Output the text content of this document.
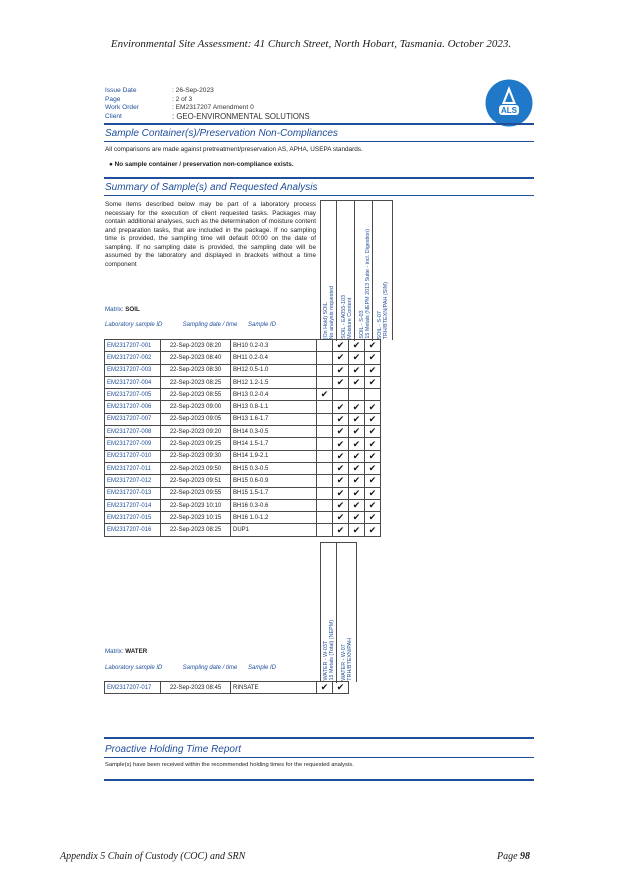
Environmental Site Assessment: 41 Church Street, North Hobart, Tasmania. October 2023.
Issue Date	: 26-Sep-2023
Page	: 2 of 3
Work Order	: EM2317207 Amendment 0
Client	: GEO-ENVIRONMENTAL SOLUTIONS
ALS
Sample Container(s)/Preservation Non-Compliances
All comparisons are made against pretreatment/preservation AS, APHA, USEPA standards.
● No sample container / preservation non-compliance exists.
Summary of Sample(s) and Requested Analysis
Some items described below may be part of a laboratory process necessary for the execution of client requested tasks. Packages may contain additional analyses, such as the determination of moisture content and preparation tasks, that are included in the package. If no sampling time is provided, the sampling time will default 00:00 on the date of sampling. If no sampling date is provided, the sampling date will be assumed by the laboratory and displayed in brackets without a time component
Matrix: SOIL
Laboratory sample ID	Sampling date / time	Sample ID
(On Hold) SOIL
No analysis requested
SOIL - EA055-103
Moisture Content
SOIL - S-03
15 Metals (NEPM 2013 Suite - incl. Digestion)
SOIL - S-07
TRH/BTEXN/PAH (SIM)
EM2317207-001	22-Sep-2023 08:20	BH10 0.2-0.3		✔	✔	✔
EM2317207-002	22-Sep-2023 08:40	BH11 0.2-0.4		✔	✔	✔
EM2317207-003	22-Sep-2023 08:30	BH12 0.5-1.0		✔	✔	✔
EM2317207-004	22-Sep-2023 08:25	BH12 1.2-1.5		✔	✔	✔
EM2317207-005	22-Sep-2023 08:55	BH13 0.2-0.4	✔			
EM2317207-006	22-Sep-2023 09:00	BH13 0.8-1.1		✔	✔	✔
EM2317207-007	22-Sep-2023 09:05	BH13 1.6-1.7		✔	✔	✔
EM2317207-008	22-Sep-2023 09:20	BH14 0.3-0.5		✔	✔	✔
EM2317207-009	22-Sep-2023 09:25	BH14 1.5-1.7		✔	✔	✔
EM2317207-010	22-Sep-2023 09:30	BH14 1.9-2.1		✔	✔	✔
EM2317207-011	22-Sep-2023 09:50	BH15 0.3-0.5		✔	✔	✔
EM2317207-012	22-Sep-2023 09:51	BH15 0.6-0.9		✔	✔	✔
EM2317207-013	22-Sep-2023 09:55	BH15 1.5-1.7		✔	✔	✔
EM2317207-014	22-Sep-2023 10:10	BH16 0.3-0.6		✔	✔	✔
EM2317207-015	22-Sep-2023 10:15	BH16 1.0-1.2		✔	✔	✔
EM2317207-016	22-Sep-2023 08:25	DUP1		✔	✔	✔
WATER - W-03T
15 Metals (Total) (NEPM)
WATER - W-07
TRH/BTEXN/PAH
Matrix: WATER
Laboratory sample ID	Sampling date / time	Sample ID
EM2317207-017	22-Sep-2023 08:45	RINSATE	✔	✔
Proactive Holding Time Report
Sample(s) have been received within the recommended holding times for the requested analysis.
Appendix 5 Chain of Custody (COC) and SRN	Page 98
